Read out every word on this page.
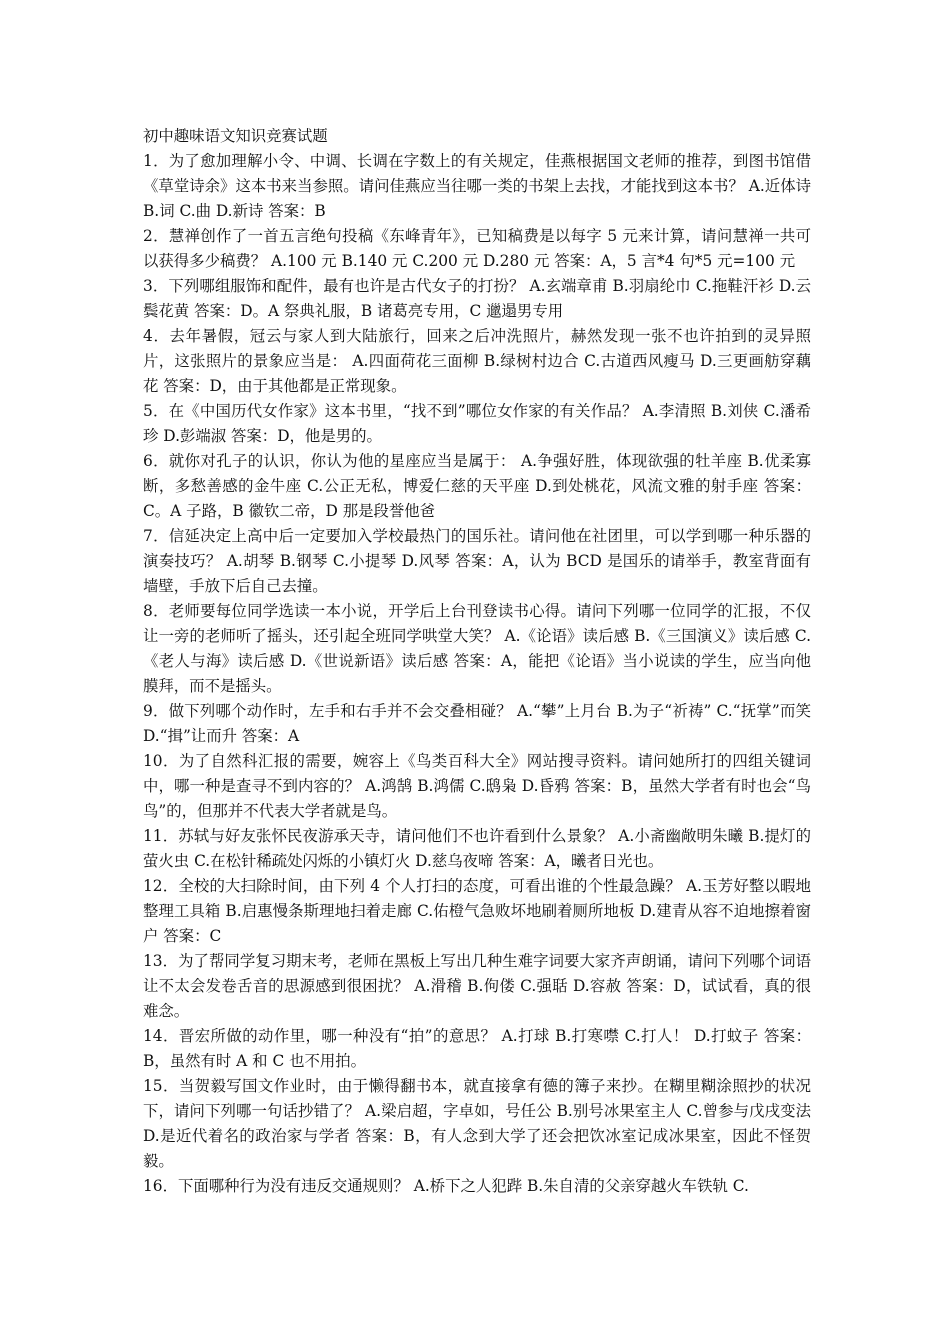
初中趣味语文知识竞赛试题

1．为了愈加理解小令、中调、长调在字数上的有关规定，佳燕根据国文老师的推荐，到图书馆借《草堂诗余》这本书来当参照。请问佳燕应当往哪一类的书架上去找，才能找到这本书？ A.近体诗 B.词 C.曲 D.新诗 答案：B

2．慧禅创作了一首五言绝句投稿《东峰青年》，已知稿费是以每字 5 元来计算，请问慧禅一共可以获得多少稿费？ A.100 元 B.140 元 C.200 元 D.280 元 答案：A，5 言*4 句*5 元=100 元

3．下列哪组服饰和配件，最有也许是古代女子的打扮？ A.玄端章甫 B.羽扇纶巾 C.拖鞋汗衫 D.云鬓花黄 答案：D。A 祭典礼服，B 诸葛亮专用，C 邋遢男专用

4．去年暑假，冠云与家人到大陆旅行，回来之后冲洗照片，赫然发现一张不也许拍到的灵异照片，这张照片的景象应当是： A.四面荷花三面柳 B.绿树村边合 C.古道西风瘦马 D.三更画舫穿藕花 答案：D，由于其他都是正常现象。

5．在《中国历代女作家》这本书里，“找不到”哪位女作家的有关作品？ A.李清照 B.刘侠 C.潘希珍 D.彭端淑 答案：D，他是男的。

6．就你对孔子的认识，你认为他的星座应当是属于： A.争强好胜，体现欲强的牡羊座 B.优柔寡断，多愁善感的金牛座 C.公正无私，博爱仁慈的天平座 D.到处桃花，风流文雅的射手座 答案：C。A 子路，B 徽钦二帝，D 那是段誉他爸

7．信延决定上高中后一定要加入学校最热门的国乐社。请问他在社团里，可以学到哪一种乐器的演奏技巧？ A.胡琴 B.钢琴 C.小提琴 D.风琴 答案：A，认为 BCD 是国乐的请举手，教室背面有墙壁，手放下后自己去撞。

8．老师要每位同学选读一本小说，开学后上台刊登读书心得。请问下列哪一位同学的汇报，不仅让一旁的老师听了摇头，还引起全班同学哄堂大笑？ A.《论语》读后感 B.《三国演义》读后感 C.《老人与海》读后感 D.《世说新语》读后感 答案：A，能把《论语》当小说读的学生，应当向他膜拜，而不是摇头。

9．做下列哪个动作时，左手和右手并不会交叠相碰？ A.“攀”上月台 B.为子“祈祷” C.“抚掌”而笑 D.“揖”让而升 答案：A

10．为了自然科汇报的需要，婉容上《鸟类百科大全》网站搜寻资料。请问她所打的四组关键词中，哪一种是查寻不到内容的？ A.鸿鹄 B.鸿儒 C.鸱枭 D.昏鸦 答案：B，虽然大学者有时也会“鸟鸟”的，但那并不代表大学者就是鸟。

11．苏轼与好友张怀民夜游承天寺，请问他们不也许看到什么景象？ A.小斋幽敞明朱曦 B.提灯的萤火虫 C.在松针稀疏处闪烁的小镇灯火 D.慈乌夜啼 答案：A，曦者日光也。

12．全校的大扫除时间，由下列 4 个人打扫的态度，可看出谁的个性最急躁？ A.玉芳好整以暇地整理工具箱 B.启惠慢条斯理地扫着走廊 C.佑橙气急败坏地刷着厕所地板 D.建青从容不迫地擦着窗户 答案：C

13．为了帮同学复习期末考，老师在黑板上写出几种生难字词要大家齐声朗诵，请问下列哪个词语让不太会发卷舌音的思源感到很困扰？ A.滑稽 B.佝偻 C.强聒 D.容赦 答案：D，试试看，真的很难念。

14．晋宏所做的动作里，哪一种没有“拍”的意思？ A.打球 B.打寒噤 C.打人！ D.打蚊子 答案：B，虽然有时 A 和 C 也不用拍。

15．当贺毅写国文作业时，由于懒得翻书本，就直接拿有德的簿子来抄。在糊里糊涂照抄的状况下，请问下列哪一句话抄错了？ A.梁启超，字卓如，号任公 B.别号冰果室主人 C.曾参与戊戌变法 D.是近代着名的政治家与学者 答案：B，有人念到大学了还会把饮冰室记成冰果室，因此不怪贺毅。

16．下面哪种行为没有违反交通规则？ A.桥下之人犯跸 B.朱自清的父亲穿越火车铁轨 C.
